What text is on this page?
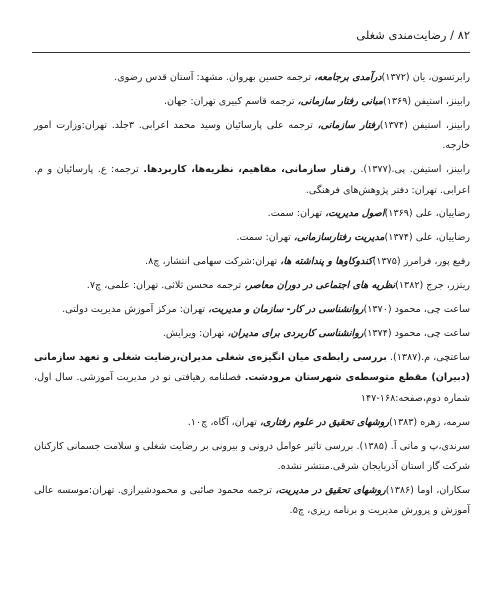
۸۲ / رضایت‌مندی شغلی
رابرتسون، یان (۱۳۷۲)درآمدی برجامعه، ترجمه حسین بهروان. مشهد: آستان قدس رضوی.
رابینز، استیفن (۱۳۶۹)مبانی رفتار سازمانی، ترجمه قاسم کبیری تهران: جهان.
رابینز، استیفن (۱۳۷۴)رفتار سازمانی، ترجمه علی پارسائیان وسید محمد اعرابی. ۳جلد. تهران:وزارت امور خارجه.
رابینز، استیفن. پی.(۱۳۷۷). رفتار سازمانی، مفاهیم، نظریه‌ها، کاربردها. ترجمه: ع. پارسائیان و م. اعرابی. تهران: دفتر پژوهش‌های فرهنگی.
رضاییان، علی (۱۳۶۹)اصول مدیریت، تهران: سمت.
رضاییان، علی (۱۳۷۴)مدیریت رفتارسازمانی، تهران: سمت.
رفیع پور، فرامرز (۱۳۷۵)کندوکاوها و پنداشته ها، تهران:شرکت سهامی انتشار، چ۸.
ریتزر، جرج (۱۳۸۲)نظریه های اجتماعی در دوران معاصر، ترجمه محسن ثلاثی. تهران: علمی، چ۷.
ساعت چی، محمود (۱۳۷۰)روانشناسی در کار- سازمان و مدیریت، تهران: مرکز آموزش مدیریت دولتی.
ساعت چی، محمود (۱۳۷۴)روانشناسی کاربردی برای مدیران، تهران: ویرایش.
ساعتچی، م.(۱۳۸۷). بررسی رابطه‌ی میان انگیزه‌ی شغلی مدیران،رضایت شغلی و تعهد سازمانی (دبیران) مقطع متوسطه‌ی شهرستان مرودشت. فصلنامه رهیافتی نو در مدیریت آموزشی. سال اول، شماره دوم،صفحه:۱۶۸-۱۴۷
سرمه، زهره (۱۳۸۳)روشهای تحقیق در علوم رفتاری، تهران، آگاه، چ۱۰.
سرندی،پ و ماتی آ. (۱۳۸۵). بررسی تاثیر عوامل درونی و بیرونی بر رضایت شغلی و سلامت جسمانی کارکنان شرکت گاز استان آذربایجان شرقی.منتشر نشده.
سکاران، اوما (۱۳۸۶)روشهای تحقیق در مدیریت، ترجمه محمود صائبی و محمودشیرازی. تهران:موسسه عالی آموزش و پرورش مدیریت و برنامه ریزی، چ۵.
